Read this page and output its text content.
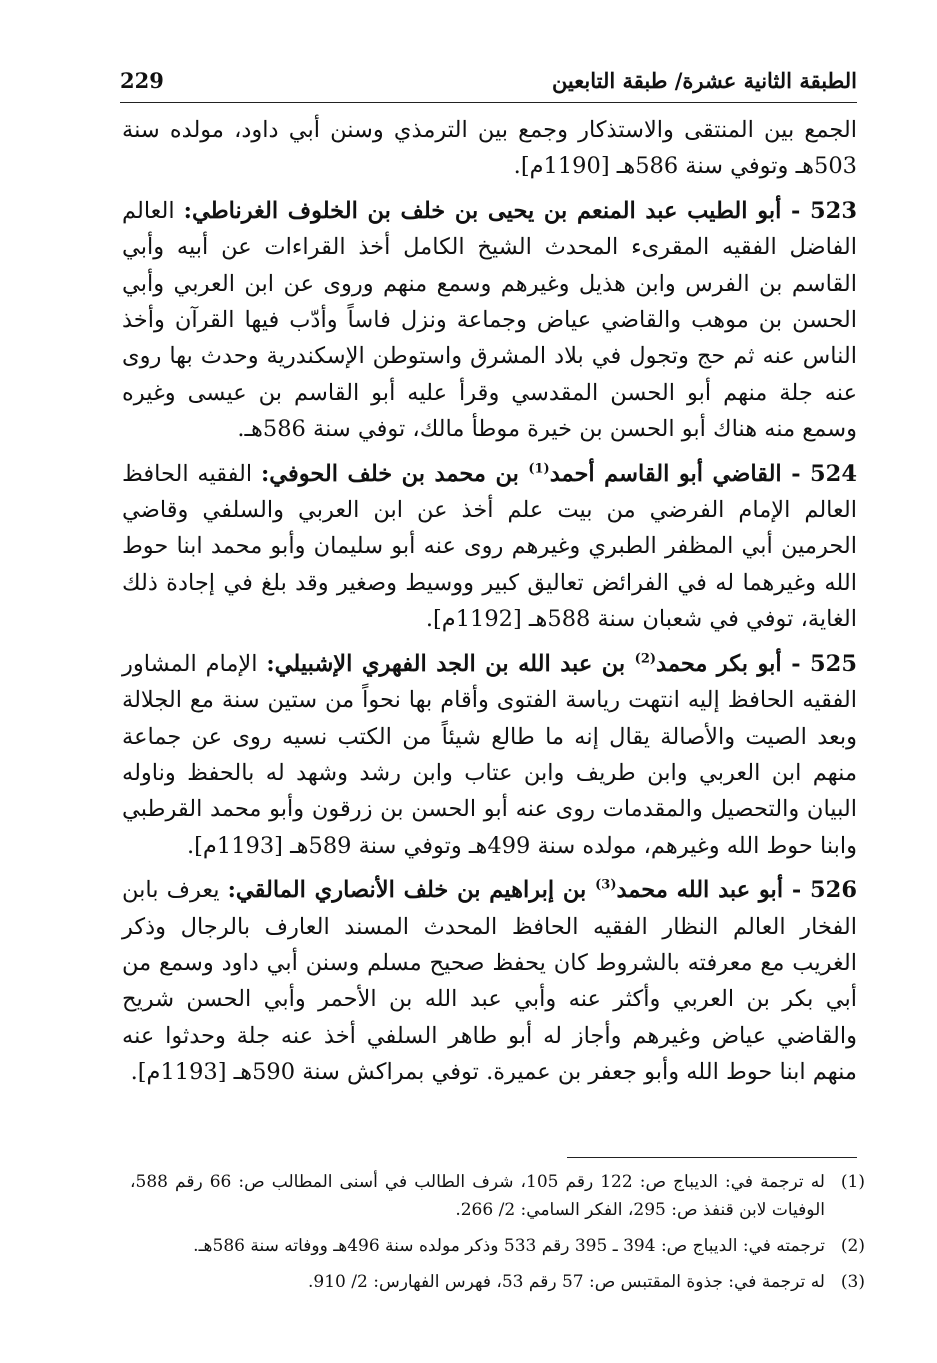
الطبقة الثانية عشرة/ طبقة التابعين
229

الجمع بين المنتقى والاستذكار وجمع بين الترمذي وسنن أبي داود، مولده سنة 503هـ وتوفي سنة 586هـ [1190م].

523 - أبو الطيب عبد المنعم بن يحيى بن خلف بن الخلوف الغرناطي: العالم الفاضل الفقيه المقرىء المحدث الشيخ الكامل أخذ القراءات عن أبيه وأبي القاسم بن الفرس وابن هذيل وغيرهم وسمع منهم وروى عن ابن العربي وأبي الحسن بن موهب والقاضي عياض وجماعة ونزل فاساً وأدّب فيها القرآن وأخذ الناس عنه ثم حج وتجول في بلاد المشرق واستوطن الإسكندرية وحدث بها روى عنه جلة منهم أبو الحسن المقدسي وقرأ عليه أبو القاسم بن عيسى وغيره وسمع منه هناك أبو الحسن بن خيرة موطأ مالك، توفي سنة 586هـ.

524 - القاضي أبو القاسم أحمد$^{(1)}$ بن محمد بن خلف الحوفي: الفقيه الحافظ العالم الإمام الفرضي من بيت علم أخذ عن ابن العربي والسلفي وقاضي الحرمين أبي المظفر الطبري وغيرهم روى عنه أبو سليمان وأبو محمد ابنا حوط الله وغيرهما له في الفرائض تعاليق كبير ووسيط وصغير وقد بلغ في إجادة ذلك الغاية، توفي في شعبان سنة 588هـ [1192م].

525 - أبو بكر محمد$^{(2)}$ بن عبد الله بن الجد الفهري الإشبيلي: الإمام المشاور الفقيه الحافظ إليه انتهت رياسة الفتوى وأقام بها نحواً من ستين سنة مع الجلالة وبعد الصيت والأصالة يقال إنه ما طالع شيئاً من الكتب نسيه روى عن جماعة منهم ابن العربي وابن طريف وابن عتاب وابن رشد وشهد له بالحفظ وناوله البيان والتحصيل والمقدمات روى عنه أبو الحسن بن زرقون وأبو محمد القرطبي وابنا حوط الله وغيرهم، مولده سنة 499هـ وتوفي سنة 589هـ [1193م].

526 - أبو عبد الله محمد$^{(3)}$ بن إبراهيم بن خلف الأنصاري المالقي: يعرف بابن الفخار العالم النظار الفقيه الحافظ المحدث المسند العارف بالرجال وذكر الغريب مع معرفته بالشروط كان يحفظ صحيح مسلم وسنن أبي داود وسمع من أبي بكر بن العربي وأكثر عنه وأبي عبد الله بن الأحمر وأبي الحسن شريح والقاضي عياض وغيرهم وأجاز له أبو طاهر السلفي أخذ عنه جلة وحدثوا عنه منهم ابنا حوط الله وأبو جعفر بن عميرة. توفي بمراكش سنة 590هـ [1193م].

(1)
له ترجمة في: الديباج ص: 122 رقم 105، شرف الطالب في أسنى المطالب ص: 66 رقم 588، الوفيات لابن قنفذ ص: 295، الفكر السامي: 2/ 266.
(2)
ترجمته في: الديباج ص: 394 ـ 395 رقم 533 وذكر مولده سنة 496هـ ووفاته سنة 586هـ.
(3)
له ترجمة في: جذوة المقتبس ص: 57 رقم 53، فهرس الفهارس: 2/ 910.
